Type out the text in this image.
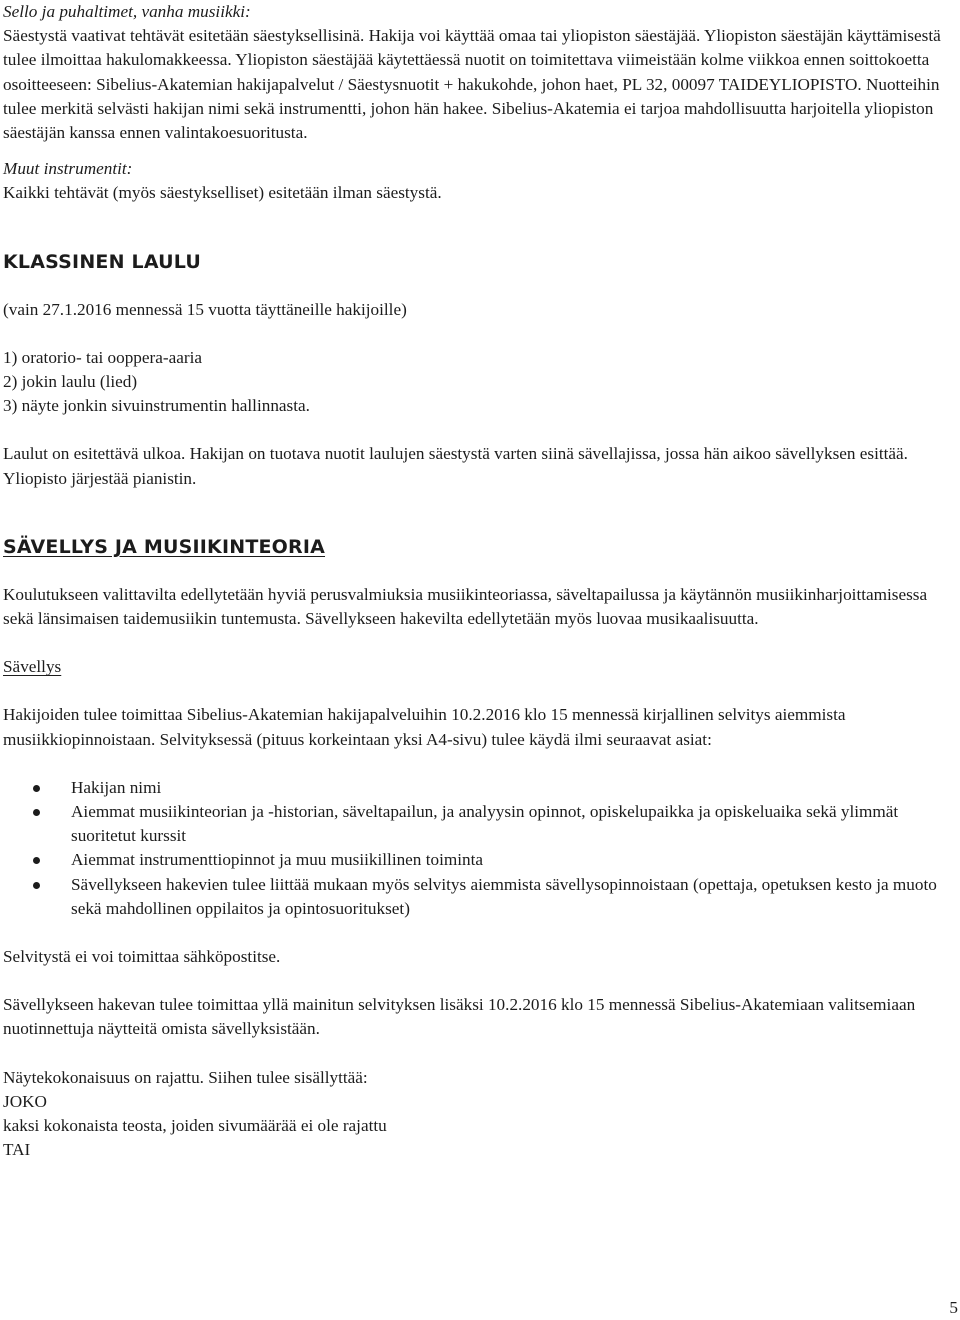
Sello ja puhaltimet, vanha musiikki:

Säestystä vaativat tehtävät esitetään säestyksellisinä. Hakija voi käyttää omaa tai yliopiston säestäjää. Yliopiston säestäjän käyttämisestä tulee ilmoittaa hakulomakkeessa. Yliopiston säestäjää käytettäessä nuotit on toimitettava viimeistään kolme viikkoa ennen soittokoetta osoitteeseen: Sibelius-Akatemian hakijapalvelut / Säestysnuotit + hakukohde, johon haet, PL 32, 00097 TAIDEYLIOPISTO. Nuotteihin tulee merkitä selvästi hakijan nimi sekä instrumentti, johon hän hakee. Sibelius-Akatemia ei tarjoa mahdollisuutta harjoitella yliopiston säestäjän kanssa ennen valintakoesuoritusta.

Muut instrumentit:

Kaikki tehtävät (myös säestykselliset) esitetään ilman säestystä.

KLASSINEN LAULU

(vain 27.1.2016 mennessä 15 vuotta täyttäneille hakijoille)

1) oratorio- tai ooppera-aaria

2) jokin laulu (lied)

3) näyte jonkin sivuinstrumentin hallinnasta.

Laulut on esitettävä ulkoa. Hakijan on tuotava nuotit laulujen säestystä varten siinä sävellajissa, jossa hän aikoo sävellyksen esittää. Yliopisto järjestää pianistin.

SÄVELLYS JA MUSIIKINTEORIA

Koulutukseen valittavilta edellytetään hyviä perusvalmiuksia musiikinteoriassa, säveltapailussa ja käytännön musiikinharjoittamisessa sekä länsimaisen taidemusiikin tuntemusta. Sävellykseen hakevilta edellytetään myös luovaa musikaalisuutta.

Sävellys

Hakijoiden tulee toimittaa Sibelius-Akatemian hakijapalveluihin 10.2.2016 klo 15 mennessä kirjallinen selvitys aiemmista musiikkiopinnoistaan. Selvityksessä (pituus korkeintaan yksi A4-sivu) tulee käydä ilmi seuraavat asiat:

Hakijan nimi
Aiemmat musiikinteorian ja -historian, säveltapailun, ja analyysin opinnot, opiskelupaikka ja opiskeluaika sekä ylimmät suoritetut kurssit
Aiemmat instrumenttiopinnot ja muu musiikillinen toiminta
Sävellykseen hakevien tulee liittää mukaan myös selvitys aiemmista sävellysopinnoistaan (opettaja, opetuksen kesto ja muoto sekä mahdollinen oppilaitos ja opintosuoritukset)

Selvitystä ei voi toimittaa sähköpostitse.

Sävellykseen hakevan tulee toimittaa yllä mainitun selvityksen lisäksi 10.2.2016 klo 15 mennessä Sibelius-Akatemiaan valitsemiaan nuotinnettuja näytteitä omista sävellyksistään.

Näytekokonaisuus on rajattu. Siihen tulee sisällyttää:

JOKO

kaksi kokonaista teosta, joiden sivumäärää ei ole rajattu

TAI

5
